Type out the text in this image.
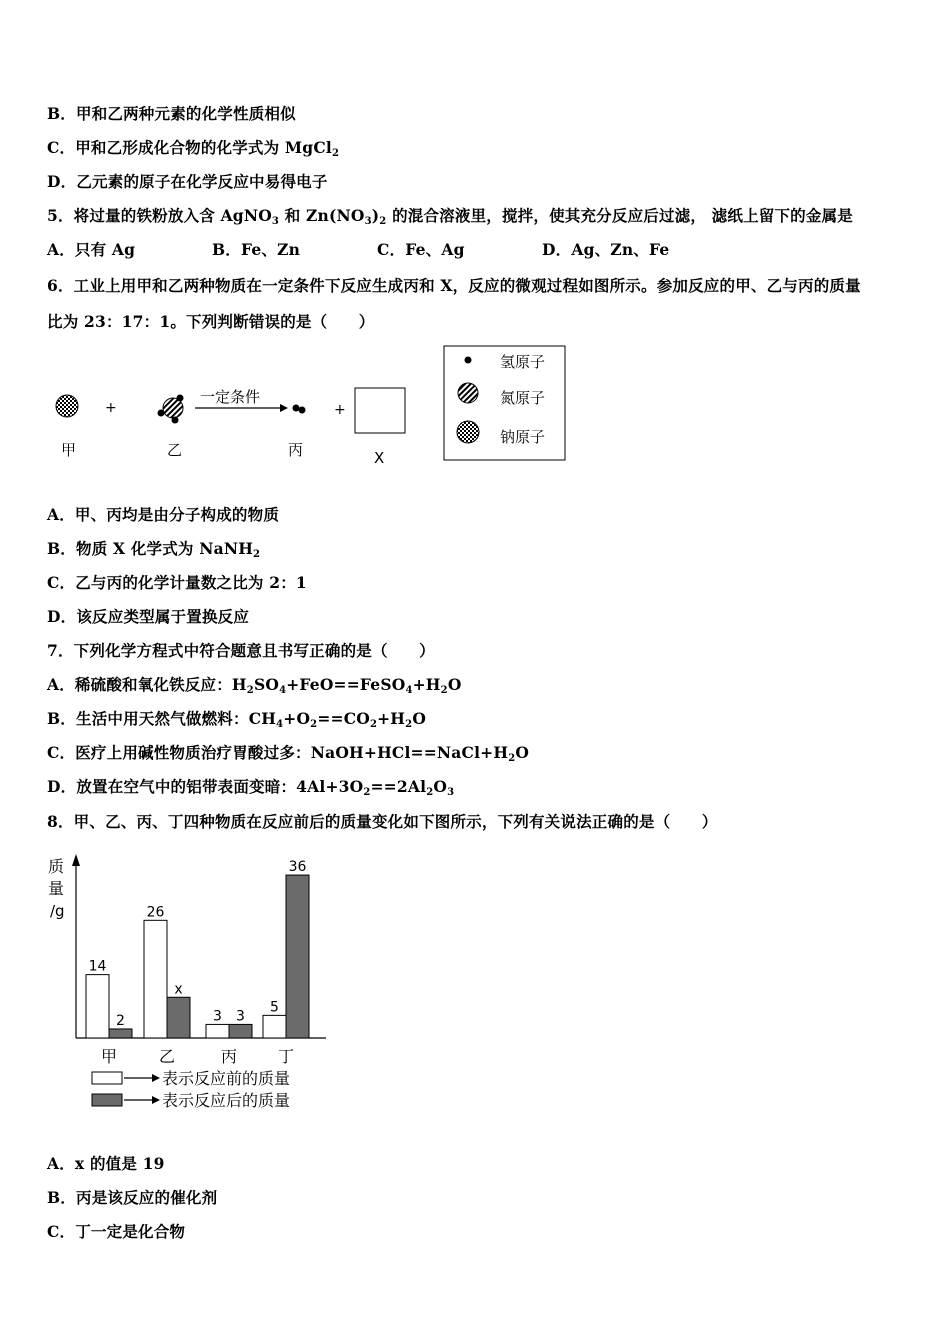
B．甲和乙两种元素的化学性质相似
C．甲和乙形成化合物的化学式为 MgCl$_2$
D．乙元素的原子在化学反应中易得电子
5．将过量的铁粉放入含 AgNO$_3$ 和 $Zn(NO_3)_2$ 的混合溶液里，搅拌，使其充分反应后过滤， 滤纸上留下的金属是
A．只有 Ag	B．Fe、Zn	C．Fe、Ag	D．Ag、Zn、Fe
6．工业上用甲和乙两种物质在一定条件下反应生成丙和 X，反应的微观过程如图所示。参加反应的甲、乙与丙的质量
比为 23：17：1。下列判断错误的是（　　）
+
一定条件
+
甲	乙	丙	X
氢原子
氮原子
钠原子
A．甲、丙均是由分子构成的物质
B．物质 X 化学式为 NaNH$_2$
C．乙与丙的化学计量数之比为 2：1
D．该反应类型属于置换反应
7．下列化学方程式中符合题意且书写正确的是（　　）
A．稀硫酸和氧化铁反应：$H_2SO_4+FeO==FeSO_4+H_2O$
B．生活中用天然气做燃料：$CH_4+O_2==CO_2+H_2O$
C．医疗上用碱性物质治疗胃酸过多：$NaOH+HCl==NaCl+H_2O$
D．放置在空气中的铝带表面变暗：$4Al+3O_2==2Al_2O_3$
8．甲、乙、丙、丁四种物质在反应前后的质量变化如下图所示，下列有关说法正确的是（　　）
质
量
/g
14
2
甲
26
x
乙
3 3
丙
5
36
丁
表示反应前的质量
表示反应后的质量
A．x 的值是 19
B．丙是该反应的催化剂
C．丁一定是化合物
